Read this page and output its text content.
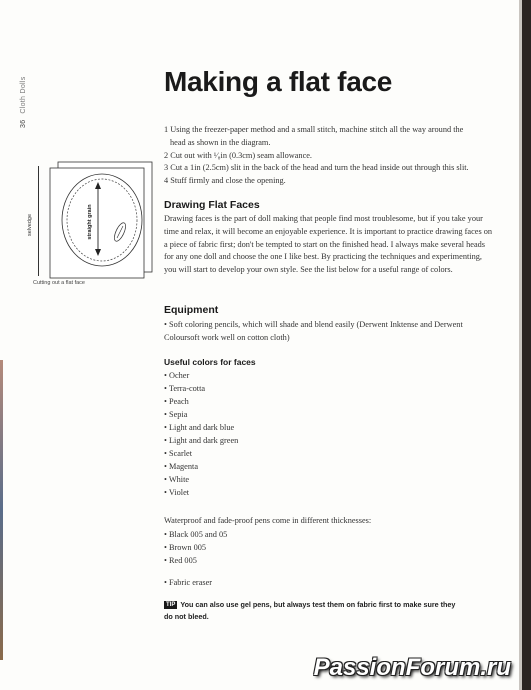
36Cloth Dolls	Making a flat face
1 Using the freezer-paper method and a small stitch, machine stitch all the way around the
head as shown in the diagram.
2 Cut out with ¹⁄₈in (0.3cm) seam allowance.
3 Cut a 1in (2.5cm) slit in the back of the head and turn the head inside out through this slit.
4 Stuff firmly and close the opening.
straight grain
selvedge
Cutting out a flat face
Drawing Flat Faces
Drawing faces is the part of doll making that people find most troublesome, but if you take your time and relax, it will become an enjoyable experience. It is important to practice drawing faces on a piece of fabric first; don't be tempted to start on the finished head. I always make several heads for any one doll and choose the one I like best. By practicing the techniques and experimenting, you will start to develop your own style. See the list below for a useful range of colors.
Equipment
• Soft coloring pencils, which will shade and blend easily (Derwent Inktense and Derwent Coloursoft work well on cotton cloth)
Useful colors for faces
• Ocher
• Terra-cotta
• Peach
• Sepia
• Light and dark blue
• Light and dark green
• Scarlet
• Magenta
• White
• Violet
Waterproof and fade-proof pens come in different thicknesses:
• Black 005 and 05
• Brown 005
• Red 005
• Fabric eraser
TIP You can also use gel pens, but always test them on fabric first to make sure they do not bleed.
PassionForum.ru
